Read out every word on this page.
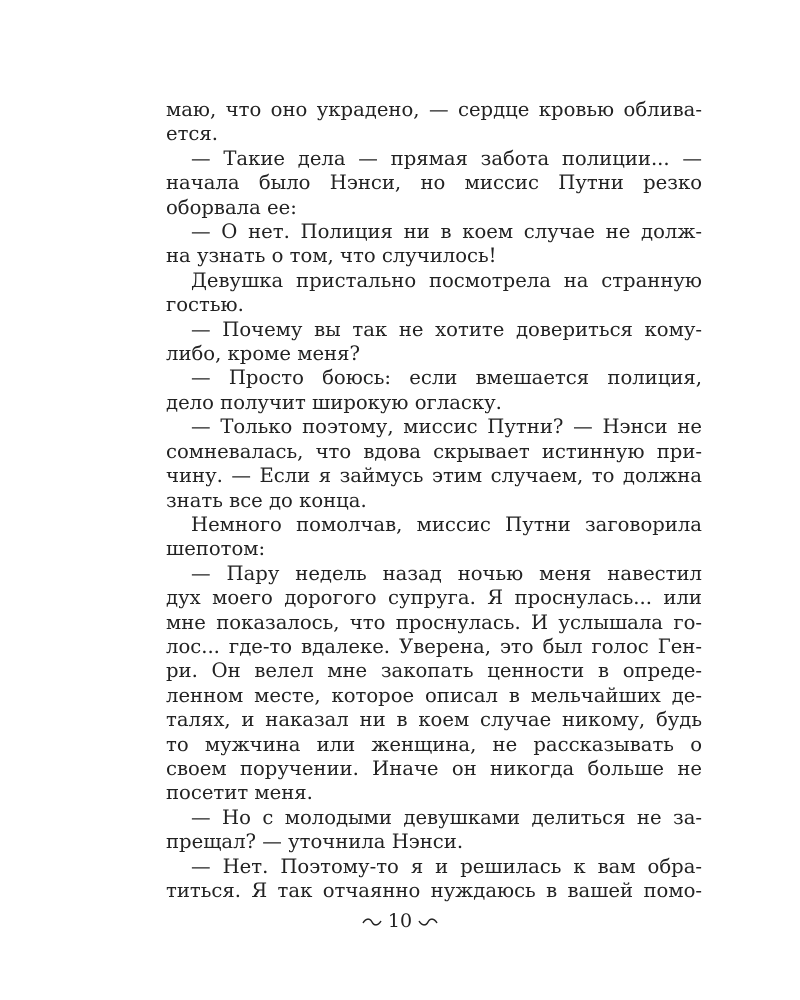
маю, что оно украдено, — сердце кровью облива-
ется.
— Такие дела — прямая забота полиции... —
начала было Нэнси, но миссис Путни резко
оборвала ее:
— О нет. Полиция ни в коем случае не долж-
на узнать о том, что случилось!
Девушка пристально посмотрела на странную
гостью.
— Почему вы так не хотите довериться кому-
либо, кроме меня?
— Просто боюсь: если вмешается полиция,
дело получит широкую огласку.
— Только поэтому, миссис Путни? — Нэнси не
сомневалась, что вдова скрывает истинную при-
чину. — Если я займусь этим случаем, то должна
знать все до конца.
Немного помолчав, миссис Путни заговорила
шепотом:
— Пару недель назад ночью меня навестил
дух моего дорогого супруга. Я проснулась... или
мне показалось, что проснулась. И услышала го-
лос... где-то вдалеке. Уверена, это был голос Ген-
ри. Он велел мне закопать ценности в опреде-
ленном месте, которое описал в мельчайших де-
талях, и наказал ни в коем случае никому, будь
то мужчина или женщина, не рассказывать о
своем поручении. Иначе он никогда больше не
посетит меня.
— Но с молодыми девушками делиться не за-
прещал? — уточнила Нэнси.
— Нет. Поэтому-то я и решилась к вам обра-
титься. Я так отчаянно нуждаюсь в вашей помо-
10
